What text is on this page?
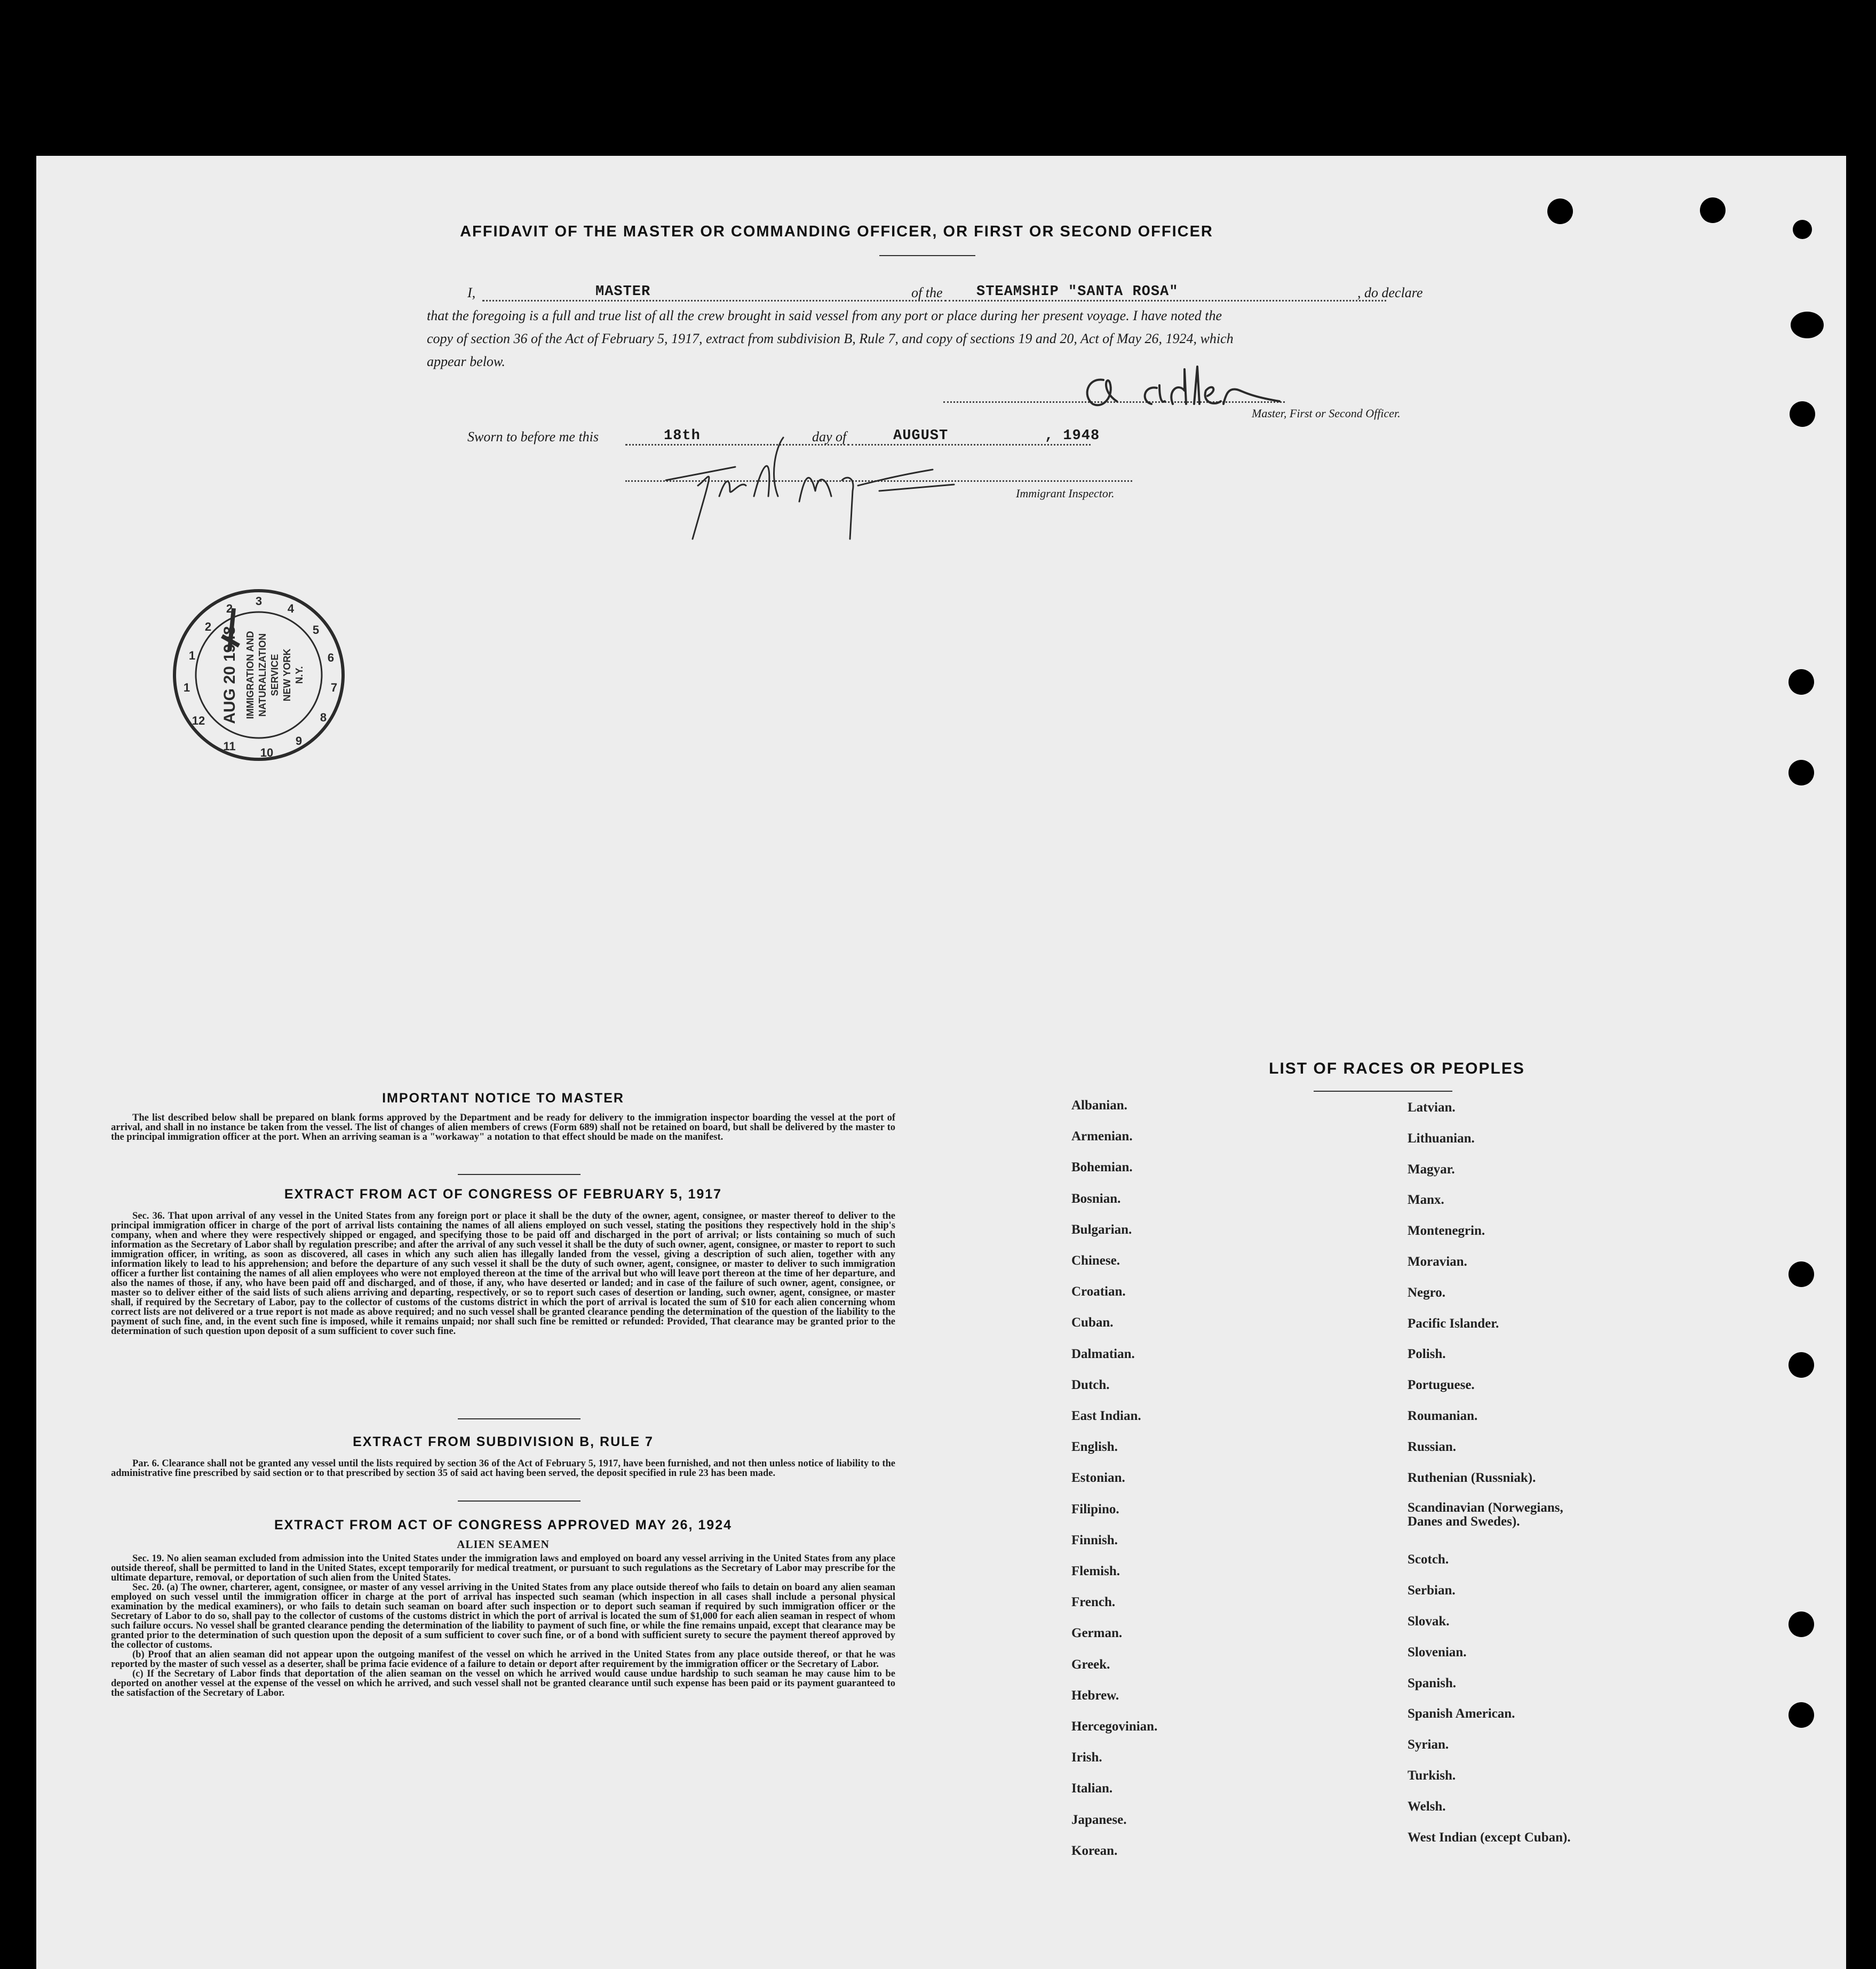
AFFIDAVIT OF THE MASTER OR COMMANDING OFFICER, OR FIRST OR SECOND OFFICER
I,	MASTER	of the STEAMSHIP "SANTA ROSA"	, do declare
that the foregoing is a full and true list of all the crew brought in said vessel from any port or place during her present voyage. I have noted the
copy of section 36 of the Act of February 5, 1917, extract from subdivision B, Rule 7, and copy of sections 19 and 20, Act of May 26, 1924, which
appear below.
Master, First or Second Officer.
Sworn to before me this	18th	day of	AUGUST	, 1948
Immigrant Inspector.
3
4
5
6
7
8
9
10
11
12
1
1
2
2
AUG 20 1948 IMMIGRATION AND NATURALIZATION SERVICE NEW YORK N.Y.
IMPORTANT NOTICE TO MASTER

The list described below shall be prepared on blank forms approved by the Department and be ready for delivery to the immigration inspector boarding the vessel at the port of arrival, and shall in no instance be taken from the vessel. The list of changes of alien members of crews (Form 689) shall not be retained on board, but shall be delivered by the master to the principal immigration officer at the port. When an arriving seaman is a "workaway" a notation to that effect should be made on the manifest.

EXTRACT FROM ACT OF CONGRESS OF FEBRUARY 5, 1917

Sec. 36. That upon arrival of any vessel in the United States from any foreign port or place it shall be the duty of the owner, agent, consignee, or master thereof to deliver to the principal immigration officer in charge of the port of arrival lists containing the names of all aliens employed on such vessel, stating the positions they respectively hold in the ship's company, when and where they were respectively shipped or engaged, and specifying those to be paid off and discharged in the port of arrival; or lists containing so much of such information as the Secretary of Labor shall by regulation prescribe; and after the arrival of any such vessel it shall be the duty of such owner, agent, consignee, or master to report to such immigration officer, in writing, as soon as discovered, all cases in which any such alien has illegally landed from the vessel, giving a description of such alien, together with any information likely to lead to his apprehension; and before the departure of any such vessel it shall be the duty of such owner, agent, consignee, or master to deliver to such immigration officer a further list containing the names of all alien employees who were not employed thereon at the time of the arrival but who will leave port thereon at the time of her departure, and also the names of those, if any, who have been paid off and discharged, and of those, if any, who have deserted or landed; and in case of the failure of such owner, agent, consignee, or master so to deliver either of the said lists of such aliens arriving and departing, respectively, or so to report such cases of desertion or landing, such owner, agent, consignee, or master shall, if required by the Secretary of Labor, pay to the collector of customs of the customs district in which the port of arrival is located the sum of $10 for each alien concerning whom correct lists are not delivered or a true report is not made as above required; and no such vessel shall be granted clearance pending the determination of the question of the liability to the payment of such fine, and, in the event such fine is imposed, while it remains unpaid; nor shall such fine be remitted or refunded: Provided, That clearance may be granted prior to the determination of such question upon deposit of a sum sufficient to cover such fine.

EXTRACT FROM SUBDIVISION B, RULE 7

Par. 6. Clearance shall not be granted any vessel until the lists required by section 36 of the Act of February 5, 1917, have been furnished, and not then unless notice of liability to the administrative fine prescribed by said section or to that prescribed by section 35 of said act having been served, the deposit specified in rule 23 has been made.

EXTRACT FROM ACT OF CONGRESS APPROVED MAY 26, 1924
ALIEN SEAMEN

Sec. 19. No alien seaman excluded from admission into the United States under the immigration laws and employed on board any vessel arriving in the United States from any place outside thereof, shall be permitted to land in the United States, except temporarily for medical treatment, or pursuant to such regulations as the Secretary of Labor may prescribe for the ultimate departure, removal, or deportation of such alien from the United States.

Sec. 20. (a) The owner, charterer, agent, consignee, or master of any vessel arriving in the United States from any place outside thereof who fails to detain on board any alien seaman employed on such vessel until the immigration officer in charge at the port of arrival has inspected such seaman (which inspection in all cases shall include a personal physical examination by the medical examiners), or who fails to detain such seaman on board after such inspection or to deport such seaman if required by such immigration officer or the Secretary of Labor to do so, shall pay to the collector of customs of the customs district in which the port of arrival is located the sum of $1,000 for each alien seaman in respect of whom such failure occurs. No vessel shall be granted clearance pending the determination of the liability to payment of such fine, or while the fine remains unpaid, except that clearance may be granted prior to the determination of such question upon the deposit of a sum sufficient to cover such fine, or of a bond with sufficient surety to secure the payment thereof approved by the collector of customs.

(b) Proof that an alien seaman did not appear upon the outgoing manifest of the vessel on which he arrived in the United States from any place outside thereof, or that he was reported by the master of such vessel as a deserter, shall be prima facie evidence of a failure to detain or deport after requirement by the immigration officer or the Secretary of Labor.

(c) If the Secretary of Labor finds that deportation of the alien seaman on the vessel on which he arrived would cause undue hardship to such seaman he may cause him to be deported on another vessel at the expense of the vessel on which he arrived, and such vessel shall not be granted clearance until such expense has been paid or its payment guaranteed to the satisfaction of the Secretary of Labor.

LIST OF RACES OR PEOPLES
Albanian.
Armenian.
Bohemian.
Bosnian.
Bulgarian.
Chinese.
Croatian.
Cuban.
Dalmatian.
Dutch.
East Indian.
English.
Estonian.
Filipino.
Finnish.
Flemish.
French.
German.
Greek.
Hebrew.
Hercegovinian.
Irish.
Italian.
Japanese.
Korean.
Latvian.
Lithuanian.
Magyar.
Manx.
Montenegrin.
Moravian.
Negro.
Pacific Islander.
Polish.
Portuguese.
Roumanian.
Russian.
Ruthenian (Russniak).
Scandinavian (Norwegians, Danes and Swedes).
Scotch.
Serbian.
Slovak.
Slovenian.
Spanish.
Spanish American.
Syrian.
Turkish.
Welsh.
West Indian (except Cuban).
